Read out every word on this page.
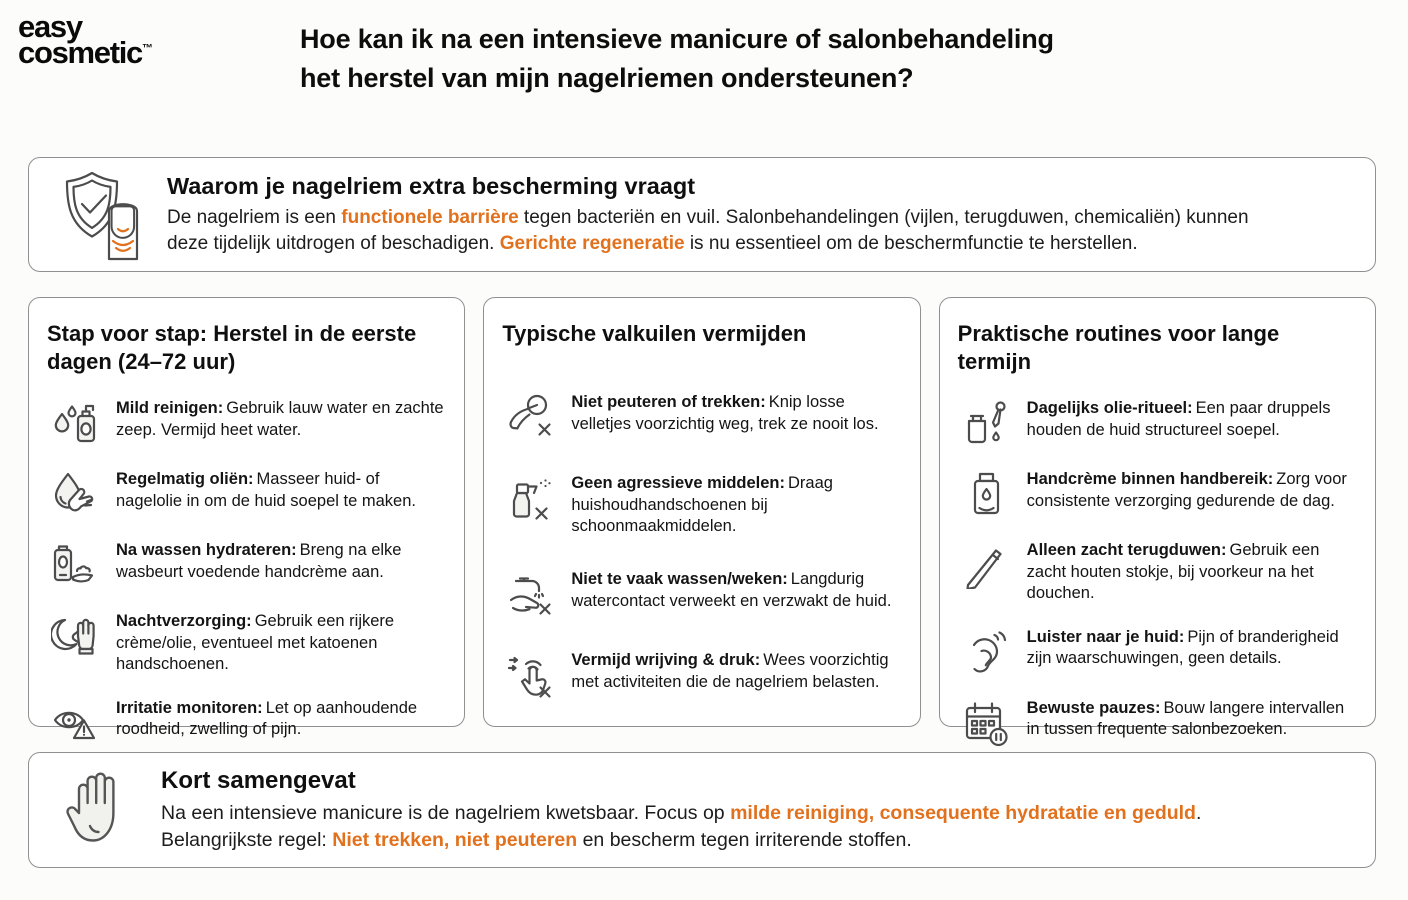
easy
cosmetic™	Hoe kan ik na een intensieve manicure of salonbehandeling
het herstel van mijn nagelriemen ondersteunen?

Waarom je nagelriem extra bescherming vraagt

De nagelriem is een functionele barrière tegen bacteriën en vuil. Salonbehandelingen (vijlen, terugduwen, chemicaliën) kunnen
deze tijdelijk uitdrogen of beschadigen. Gerichte regeneratie is nu essentieel om de beschermfunctie te herstellen.

Stap voor stap: Herstel in de eerste dagen (24–72 uur)

Mild reinigen: Gebruik lauw water en zachte zeep. Vermijd heet water.

Regelmatig oliën: Masseer huid- of nagelolie in om de huid soepel te maken.

Na wassen hydrateren: Breng na elke wasbeurt voedende handcrème aan.

Nachtverzorging: Gebruik een rijkere crème/olie, eventueel met katoenen handschoenen.

Irritatie monitoren: Let op aanhoudende roodheid, zwelling of pijn.

Typische valkuilen vermijden

Niet peuteren of trekken: Knip losse velletjes voorzichtig weg, trek ze nooit los.

Geen agressieve middelen: Draag huishoudhandschoenen bij schoonmaakmiddelen.

Niet te vaak wassen/weken: Langdurig watercontact verweekt en verzwakt de huid.

Vermijd wrijving & druk: Wees voorzichtig met activiteiten die de nagelriem belasten.

Praktische routines voor lange termijn

Dagelijks olie-ritueel: Een paar druppels houden de huid structureel soepel.

Handcrème binnen handbereik: Zorg voor consistente verzorging gedurende de dag.

Alleen zacht terugduwen: Gebruik een zacht houten stokje, bij voorkeur na het douchen.

Luister naar je huid: Pijn of branderigheid zijn waarschuwingen, geen details.

Bewuste pauzes: Bouw langere intervallen in tussen frequente salonbezoeken.

Kort samengevat

Na een intensieve manicure is de nagelriem kwetsbaar. Focus op milde reiniging, consequente hydratatie en geduld.
Belangrijkste regel: Niet trekken, niet peuteren en bescherm tegen irriterende stoffen.
